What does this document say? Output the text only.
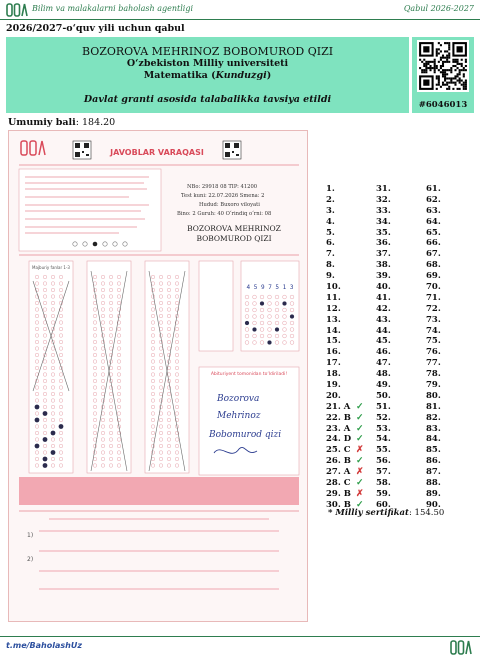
Bilim va malakalarni baholash agentligi	Qabul 2026-2027
2026/2027-o‘quv yili uchun qabul
BOZOROVA MEHRINOZ BOBOMUROD QIZI
O‘zbekiston Milliy universiteti
Matematika (Kunduzgi)
Davlat granti asosida talabalikka tavsiya etildi	#6046013
Umumiy bali: 184.20
JAVOBLAR VARAQASI
NBo: 29918 08 TIP: 41200
Test kuni: 22.07.2026 Smena: 2
Hudud: Buxoro viloyati
Bino: 2 Guruh: 40 O‘rindiq o‘rni: 08
BOZOROVA MEHRINOZ
BOBOMUROD QIZI
Majburiy fanlar 1-3
4 5 9 7 5 1 3
Abituriyent tomonidan to‘ldiriladi!
Bozorova
Mehrinoz
Bobomurod qizi
1)
2)
1.
2.
3.
4.
5.
6.
7.
8.
9.
10.
11.
12.
13.
14.
15.
16.
17.
18.
19.
20.
21. A ✓
22. B ✓
23. A ✓
24. D ✓
25. C ✗
26. B ✓
27. A ✗
28. C ✓
29. B ✗
30. B ✓
31.
32.
33.
34.
35.
36.
37.
38.
39.
40.
41.
42.
43.
44.
45.
46.
47.
48.
49.
50.
51.
52.
53.
54.
55.
56.
57.
58.
59.
60.
61.
62.
63.
64.
65.
66.
67.
68.
69.
70.
71.
72.
73.
74.
75.
76.
77.
78.
79.
80.
81.
82.
83.
84.
85.
86.
87.
88.
89.
90.
* Milliy sertifikat: 154.50
t.me/BaholashUz
